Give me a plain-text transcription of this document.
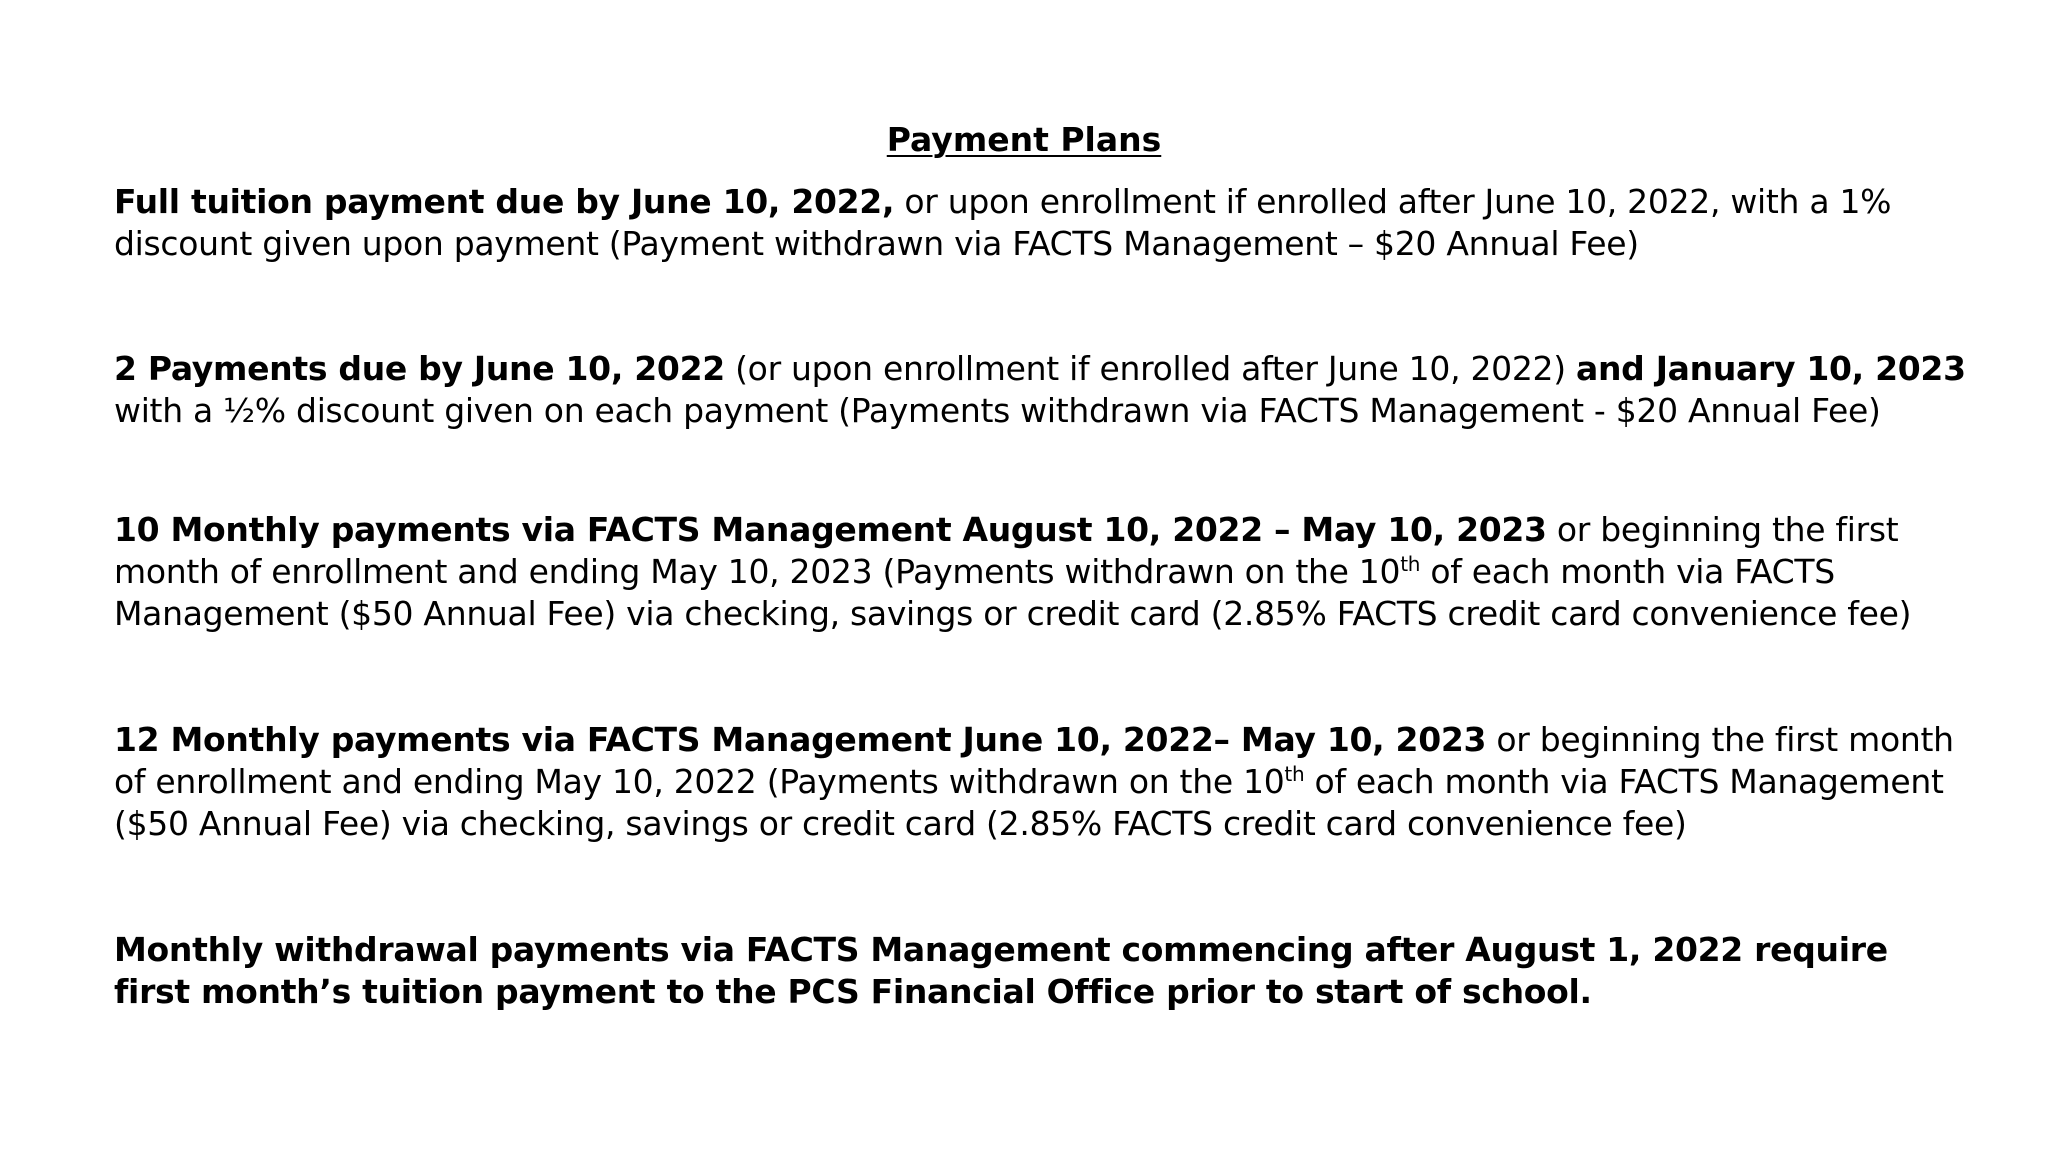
Payment Plans

Full tuition payment due by June 10, 2022, or upon enrollment if enrolled after June 10, 2022, with a 1% discount given upon payment (Payment withdrawn via FACTS Management – $20 Annual Fee)

2 Payments due by June 10, 2022 (or upon enrollment if enrolled after June 10, 2022) and January 10, 2023 with a ½% discount given on each payment (Payments withdrawn via FACTS Management - $20 Annual Fee)

10 Monthly payments via FACTS Management August 10, 2022 – May 10, 2023 or beginning the first month of enrollment and ending May 10, 2023 (Payments withdrawn on the 10th of each month via FACTS Management ($50 Annual Fee) via checking, savings or credit card (2.85% FACTS credit card convenience fee)

12 Monthly payments via FACTS Management June 10, 2022– May 10, 2023 or beginning the first month of enrollment and ending May 10, 2022 (Payments withdrawn on the 10th of each month via FACTS Management ($50 Annual Fee) via checking, savings or credit card (2.85% FACTS credit card convenience fee)

Monthly withdrawal payments via FACTS Management commencing after August 1, 2022 require first month’s tuition payment to the PCS Financial Office prior to start of school.
